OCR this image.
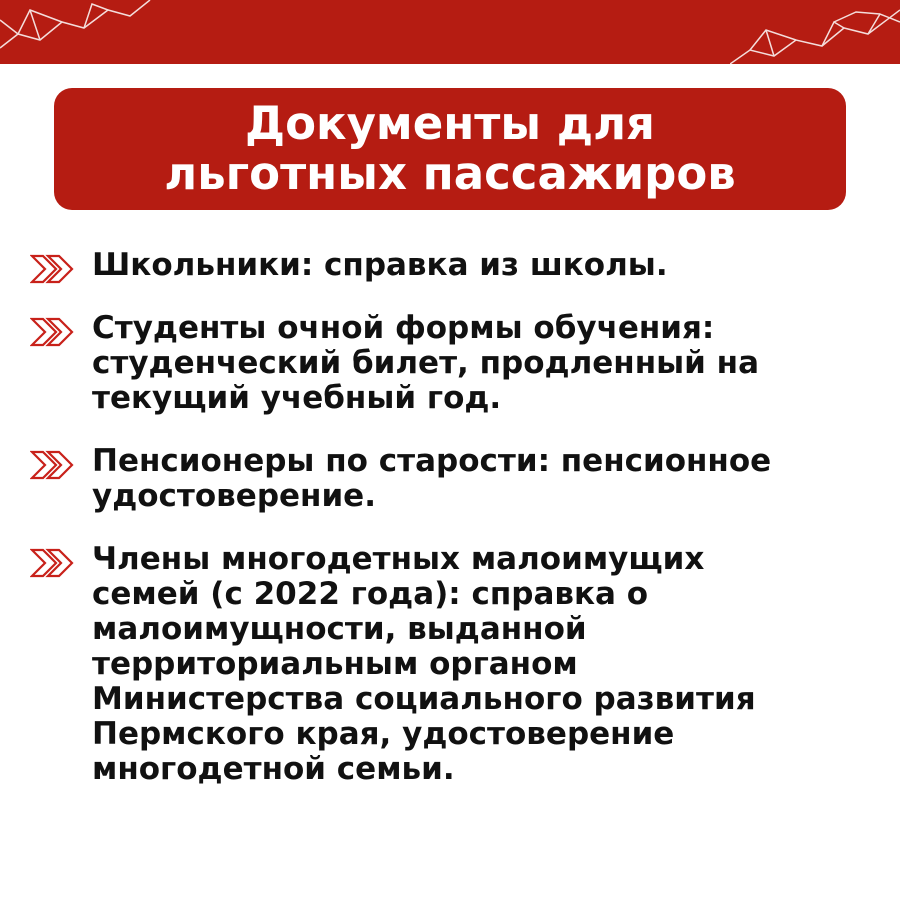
Документы для
льготных пассажиров
Школьники: справка из школы.
Студенты очной формы обучения:
студенческий билет, продленный на
текущий учебный год.
Пенсионеры по старости: пенсионное
удостоверение.
Члены многодетных малоимущих
семей (с 2022 года): справка о
малоимущности, выданной
территориальным органом
Министерства социального развития
Пермского края, удостоверение
многодетной семьи.
